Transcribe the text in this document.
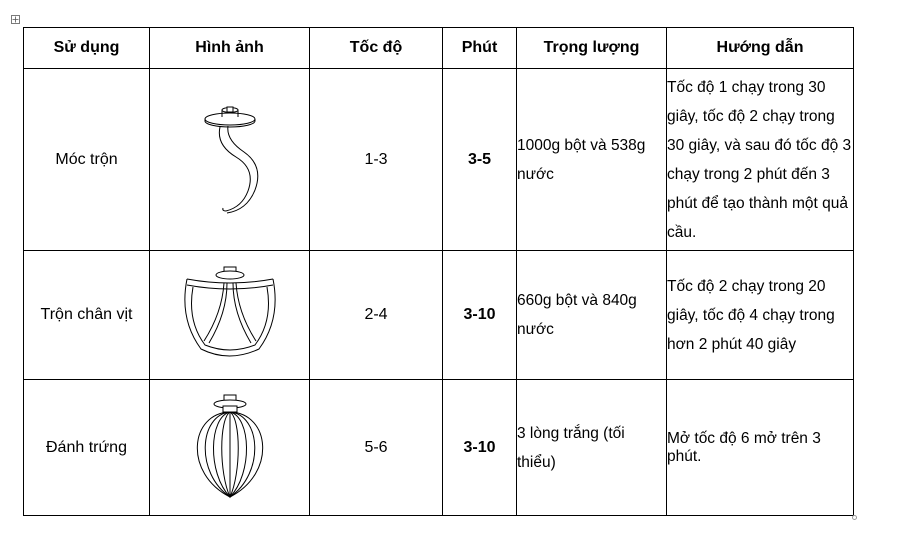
Sử dụng	Hình ảnh	Tốc độ	Phút	Trọng lượng	Hướng dẫn
Móc trộn		1-3	3-5	1000g bột và 538g nước	Tốc độ 1 chạy trong 30 giây, tốc độ 2 chạy trong 30 giây, và sau đó tốc độ 3 chạy trong 2 phút đến 3 phút để tạo thành một quả cầu.
Trộn chân vịt		2-4	3-10	660g bột và 840g nước	Tốc độ 2 chạy trong 20 giây, tốc độ 4 chạy trong hơn 2 phút 40 giây
Đánh trứng		5-6	3-10	3 lòng trắng (tối thiểu)	Mở tốc độ 6 mở trên 3 phút.
